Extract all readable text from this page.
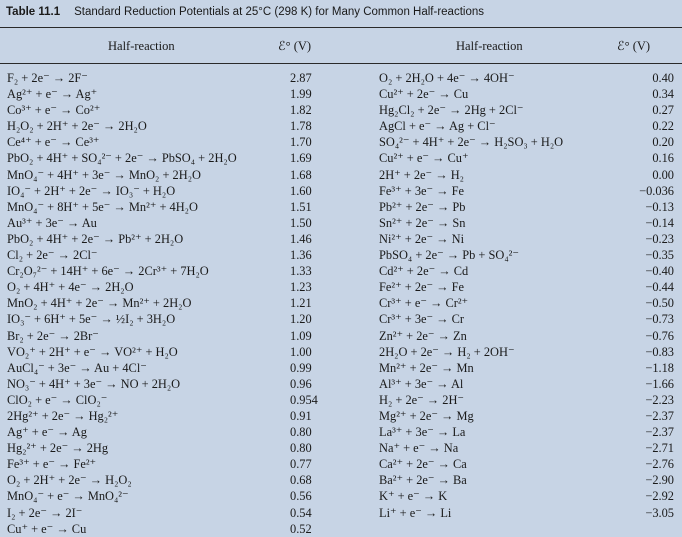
Table 11.1 Standard Reduction Potentials at 25°C (298 K) for Many Common Half-reactions
Half-reaction	ℰ° (V)	Half-reaction	ℰ° (V)
F₂ + 2e⁻ → 2F⁻	2.87
Ag²⁺ + e⁻ → Ag⁺	1.99
Co³⁺ + e⁻ → Co²⁺	1.82
H₂O₂ + 2H⁺ + 2e⁻ → 2H₂O	1.78
Ce⁴⁺ + e⁻ → Ce³⁺	1.70
PbO₂ + 4H⁺ + SO₄²⁻ + 2e⁻ → PbSO₄ + 2H₂O	1.69
MnO₄⁻ + 4H⁺ + 3e⁻ → MnO₂ + 2H₂O	1.68
IO₄⁻ + 2H⁺ + 2e⁻ → IO₃⁻ + H₂O	1.60
MnO₄⁻ + 8H⁺ + 5e⁻ → Mn²⁺ + 4H₂O	1.51
Au³⁺ + 3e⁻ → Au	1.50
PbO₂ + 4H⁺ + 2e⁻ → Pb²⁺ + 2H₂O	1.46
Cl₂ + 2e⁻ → 2Cl⁻	1.36
Cr₂O₇²⁻ + 14H⁺ + 6e⁻ → 2Cr³⁺ + 7H₂O	1.33
O₂ + 4H⁺ + 4e⁻ → 2H₂O	1.23
MnO₂ + 4H⁺ + 2e⁻ → Mn²⁺ + 2H₂O	1.21
IO₃⁻ + 6H⁺ + 5e⁻ → ½I₂ + 3H₂O	1.20
Br₂ + 2e⁻ → 2Br⁻	1.09
VO₂⁺ + 2H⁺ + e⁻ → VO²⁺ + H₂O	1.00
AuCl₄⁻ + 3e⁻ → Au + 4Cl⁻	0.99
NO₃⁻ + 4H⁺ + 3e⁻ → NO + 2H₂O	0.96
ClO₂ + e⁻ → ClO₂⁻	0.954
2Hg²⁺ + 2e⁻ → Hg₂²⁺	0.91
Ag⁺ + e⁻ → Ag	0.80
Hg₂²⁺ + 2e⁻ → 2Hg	0.80
Fe³⁺ + e⁻ → Fe²⁺	0.77
O₂ + 2H⁺ + 2e⁻ → H₂O₂	0.68
MnO₄⁻ + e⁻ → MnO₄²⁻	0.56
I₂ + 2e⁻ → 2I⁻	0.54
Cu⁺ + e⁻ → Cu	0.52
O₂ + 2H₂O + 4e⁻ → 4OH⁻	0.40
Cu²⁺ + 2e⁻ → Cu	0.34
Hg₂Cl₂ + 2e⁻ → 2Hg + 2Cl⁻	0.27
AgCl + e⁻ → Ag + Cl⁻	0.22
SO₄²⁻ + 4H⁺ + 2e⁻ → H₂SO₃ + H₂O	0.20
Cu²⁺ + e⁻ → Cu⁺	0.16
2H⁺ + 2e⁻ → H₂	0.00
Fe³⁺ + 3e⁻ → Fe	−0.036
Pb²⁺ + 2e⁻ → Pb	−0.13
Sn²⁺ + 2e⁻ → Sn	−0.14
Ni²⁺ + 2e⁻ → Ni	−0.23
PbSO₄ + 2e⁻ → Pb + SO₄²⁻	−0.35
Cd²⁺ + 2e⁻ → Cd	−0.40
Fe²⁺ + 2e⁻ → Fe	−0.44
Cr³⁺ + e⁻ → Cr²⁺	−0.50
Cr³⁺ + 3e⁻ → Cr	−0.73
Zn²⁺ + 2e⁻ → Zn	−0.76
2H₂O + 2e⁻ → H₂ + 2OH⁻	−0.83
Mn²⁺ + 2e⁻ → Mn	−1.18
Al³⁺ + 3e⁻ → Al	−1.66
H₂ + 2e⁻ → 2H⁻	−2.23
Mg²⁺ + 2e⁻ → Mg	−2.37
La³⁺ + 3e⁻ → La	−2.37
Na⁺ + e⁻ → Na	−2.71
Ca²⁺ + 2e⁻ → Ca	−2.76
Ba²⁺ + 2e⁻ → Ba	−2.90
K⁺ + e⁻ → K	−2.92
Li⁺ + e⁻ → Li	−3.05
